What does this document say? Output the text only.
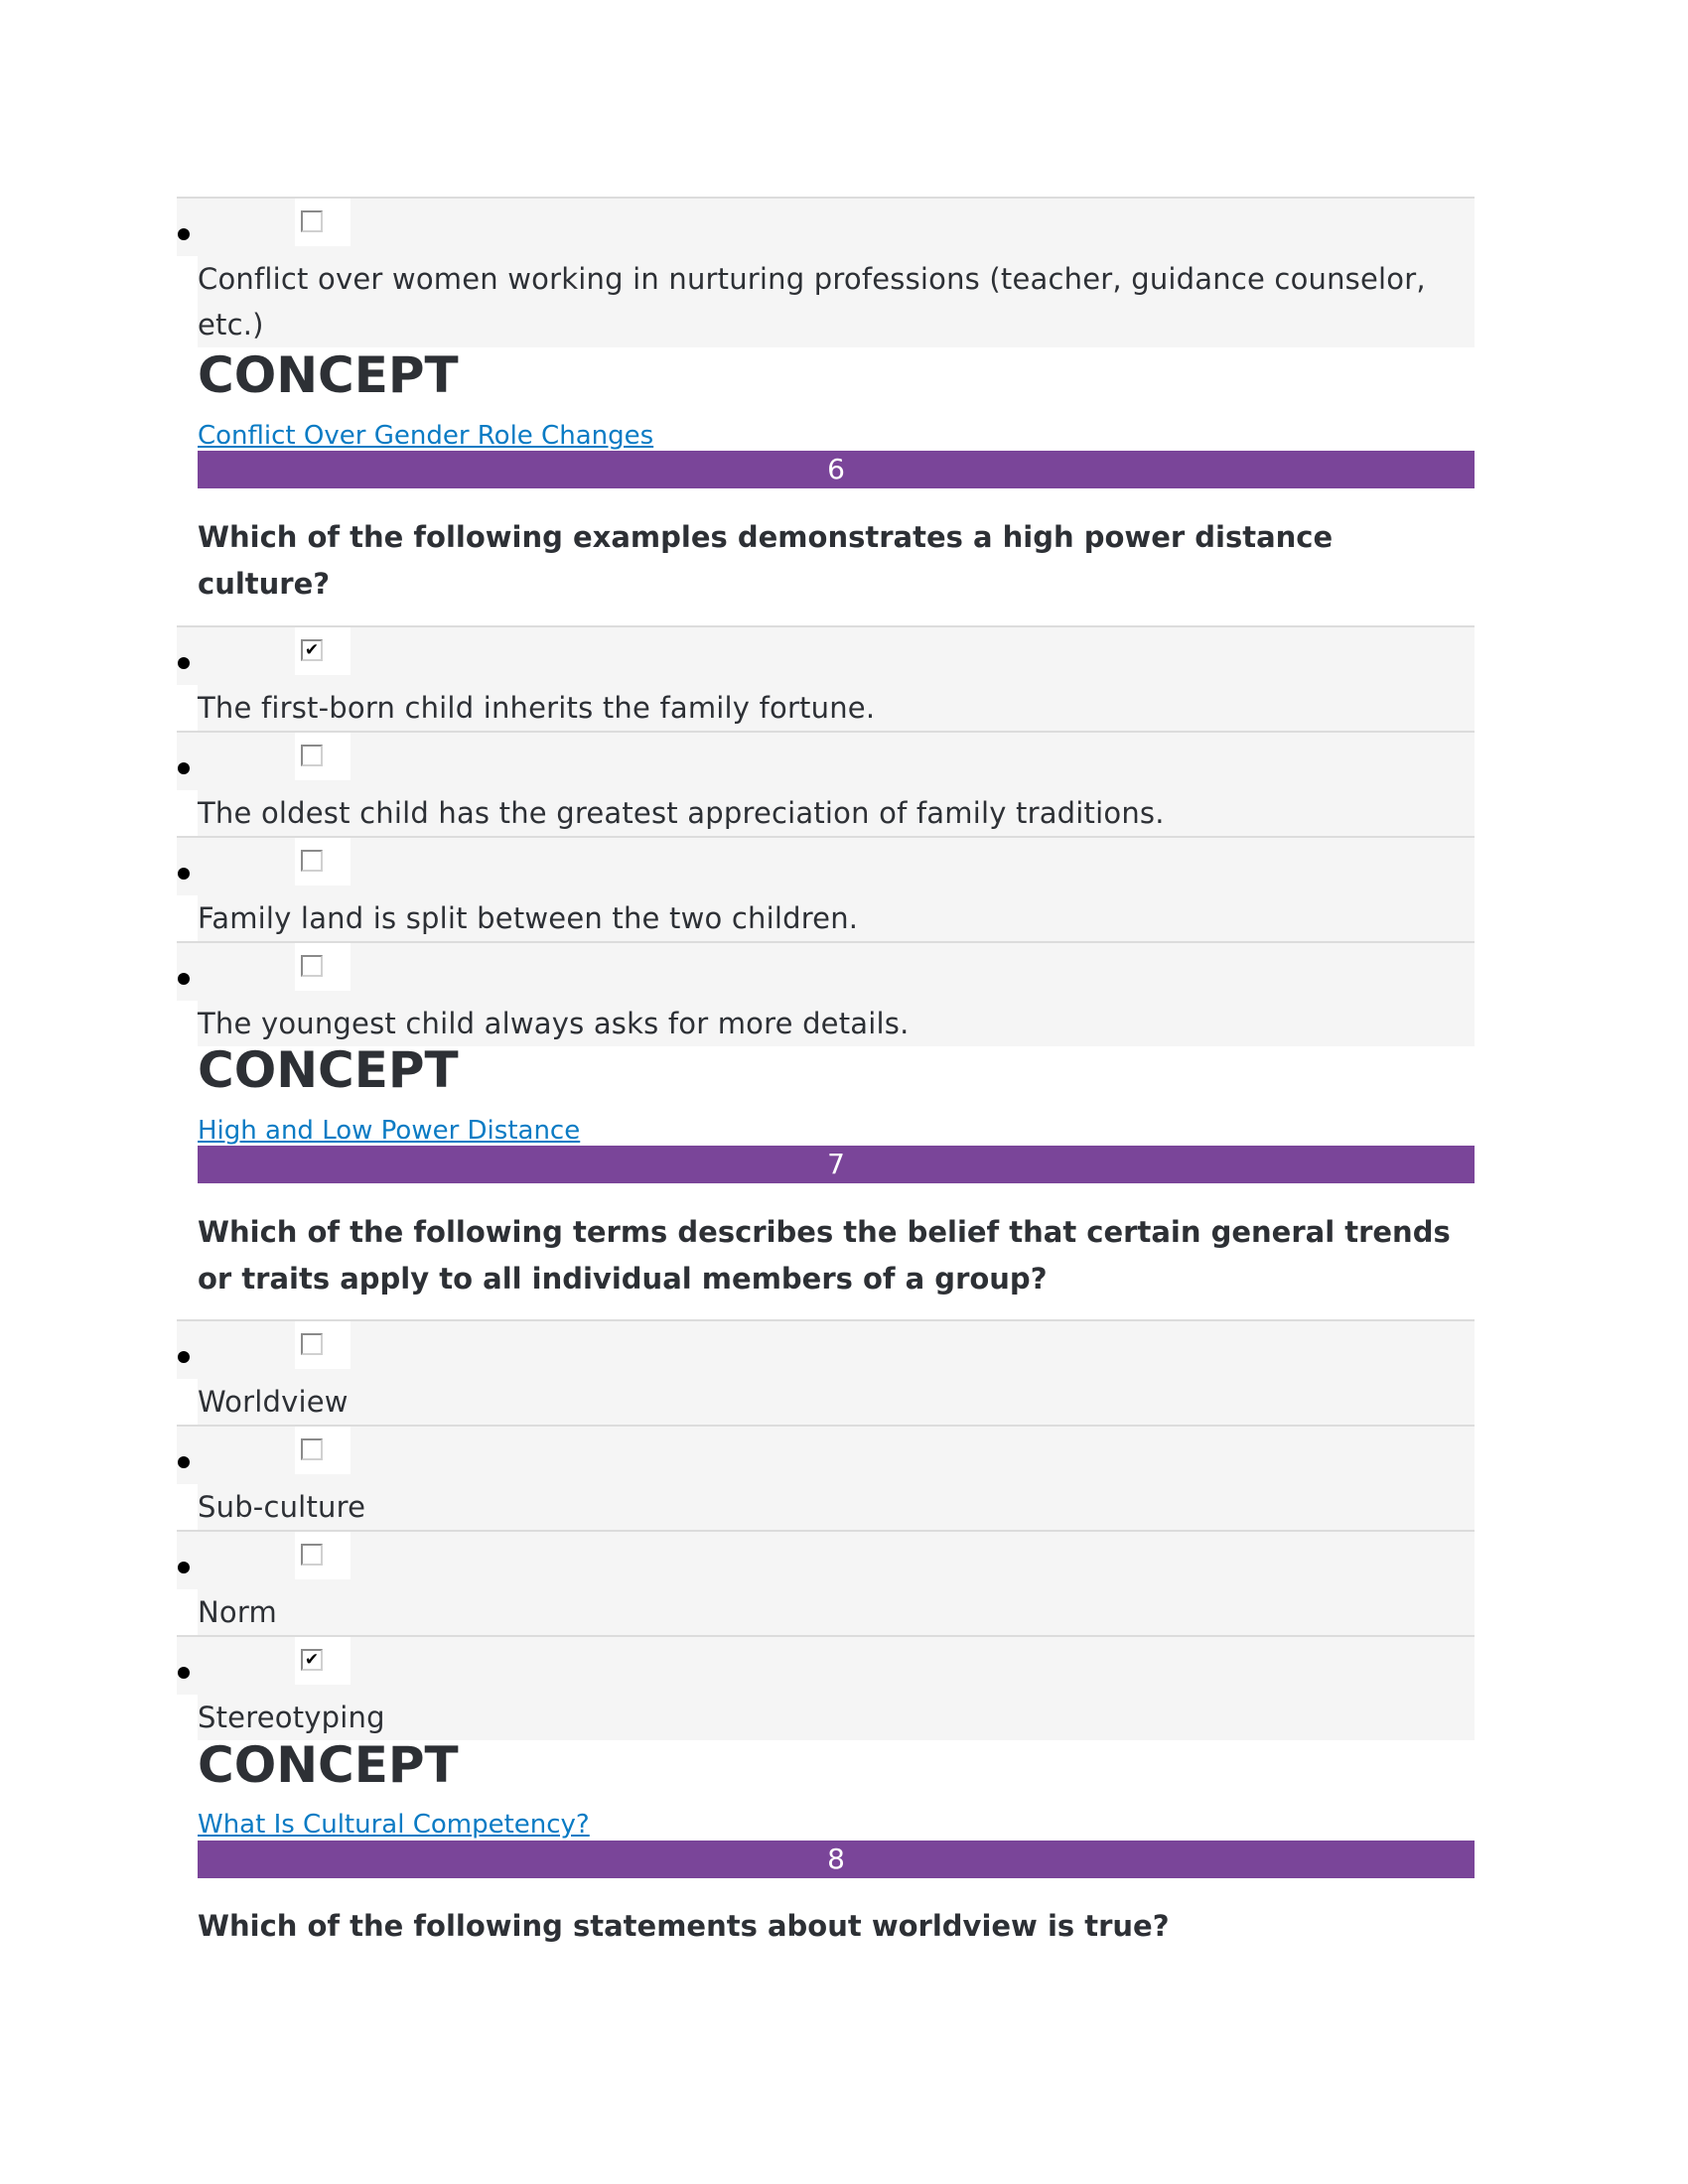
Conflict over women working in nurturing professions (teacher, guidance counselor, etc.)
CONCEPT
Conflict Over Gender Role Changes
6
Which of the following examples demonstrates a high power distance culture?
✔
The first-born child inherits the family fortune.
The oldest child has the greatest appreciation of family traditions.
Family land is split between the two children.
The youngest child always asks for more details.
CONCEPT
High and Low Power Distance
7
Which of the following terms describes the belief that certain general trends or traits apply to all individual members of a group?
Worldview
Sub-culture
Norm
✔
Stereotyping
CONCEPT
What Is Cultural Competency?
8
Which of the following statements about worldview is true?
